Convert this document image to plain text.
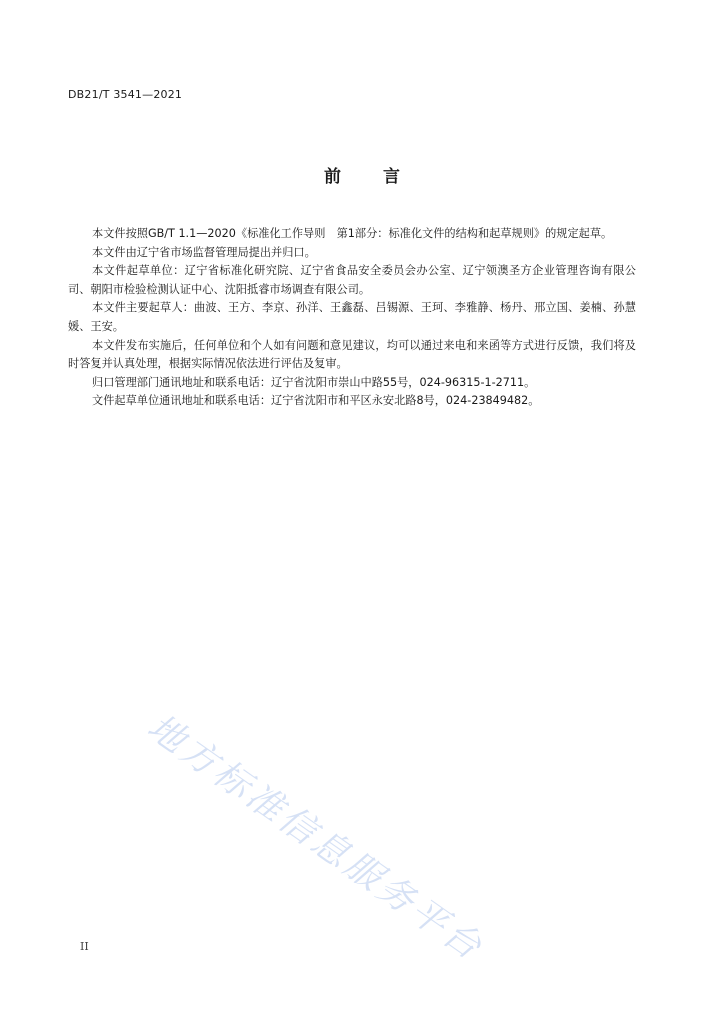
DB21/T 3541—2021
前 言

本文件按照GB/T 1.1—2020《标准化工作导则　第1部分：标准化文件的结构和起草规则》的规定起草。

本文件由辽宁省市场监督管理局提出并归口。

本文件起草单位：辽宁省标准化研究院、辽宁省食品安全委员会办公室、辽宁领澳圣方企业管理咨询有限公司、朝阳市检验检测认证中心、沈阳抵睿市场调查有限公司。

本文件主要起草人：曲波、王方、李京、孙洋、王鑫磊、吕锡源、王珂、李雅静、杨丹、邢立国、姜楠、孙慧媛、王安。

本文件发布实施后，任何单位和个人如有问题和意见建议，均可以通过来电和来函等方式进行反馈，我们将及时答复并认真处理，根据实际情况依法进行评估及复审。

归口管理部门通讯地址和联系电话：辽宁省沈阳市崇山中路55号，024-96315-1-2711。

文件起草单位通讯地址和联系电话：辽宁省沈阳市和平区永安北路8号，024-23849482。

地方标准信息服务平台
II
